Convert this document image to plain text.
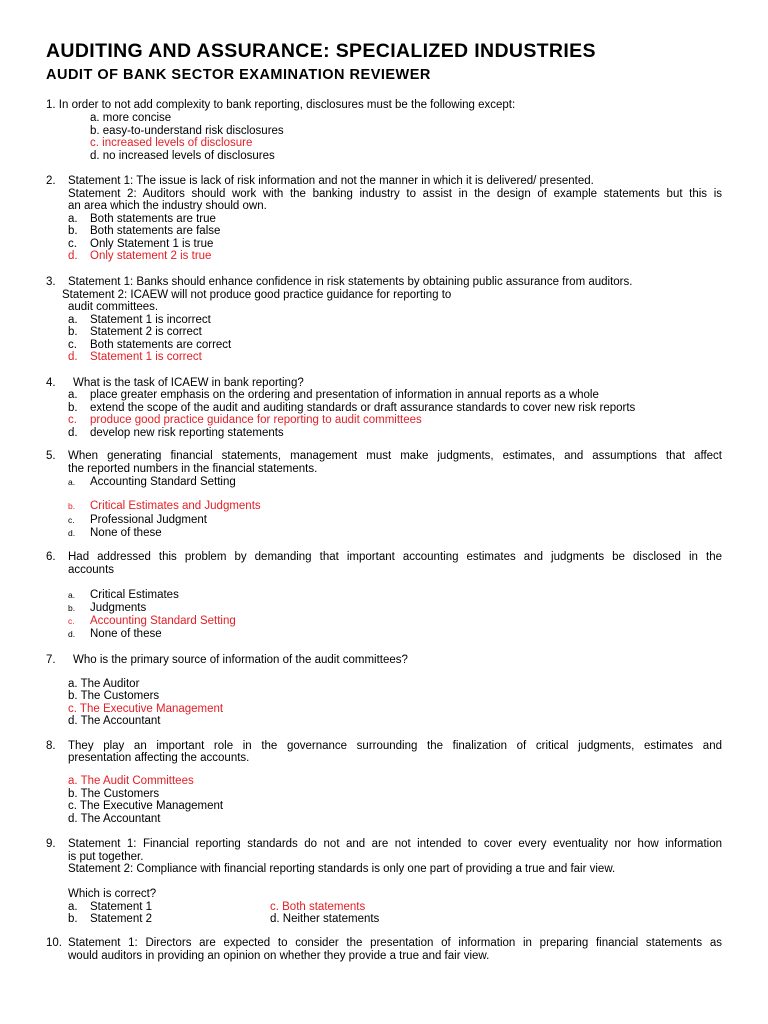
AUDITING AND ASSURANCE: SPECIALIZED INDUSTRIES
AUDIT OF BANK SECTOR EXAMINATION REVIEWER
1. In order to not add complexity to bank reporting, disclosures must be the following except:
a. more concise
b. easy-to-understand risk disclosures
c. increased levels of disclosure
d. no increased levels of disclosures
2. Statement 1: The issue is lack of risk information and not the manner in which it is delivered/ presented.
Statement 2: Auditors should work with the banking industry to assist in the design of example statements but this is
an area which the industry should own.
a. Both statements are true
b. Both statements are false
c. Only Statement 1 is true
d. Only statement 2 is true
3. Statement 1: Banks should enhance confidence in risk statements by obtaining public assurance from auditors.
Statement 2: ICAEW will not produce good practice guidance for reporting to
audit committees.
a. Statement 1 is incorrect
b. Statement 2 is correct
c. Both statements are correct
d. Statement 1 is correct
4. What is the task of ICAEW in bank reporting?
a. place greater emphasis on the ordering and presentation of information in annual reports as a whole
b. extend the scope of the audit and auditing standards or draft assurance standards to cover new risk reports
c. produce good practice guidance for reporting to audit committees
d. develop new risk reporting statements
5. When generating financial statements, management must make judgments, estimates, and assumptions that affect
the reported numbers in the financial statements.
a. Accounting Standard Setting
b. Critical Estimates and Judgments
c. Professional Judgment
d. None of these
6. Had addressed this problem by demanding that important accounting estimates and judgments be disclosed in the
accounts
a. Critical Estimates
b. Judgments
c. Accounting Standard Setting
d. None of these
7. Who is the primary source of information of the audit committees?
a. The Auditor
b. The Customers
c. The Executive Management
d. The Accountant
8. They play an important role in the governance surrounding the finalization of critical judgments, estimates and
presentation affecting the accounts.
a. The Audit Committees
b. The Customers
c. The Executive Management
d. The Accountant
9. Statement 1: Financial reporting standards do not and are not intended to cover every eventuality nor how information
is put together.
Statement 2: Compliance with financial reporting standards is only one part of providing a true and fair view.
Which is correct?
a. Statement 1	c. Both statements
b. Statement 2	d. Neither statements
10. Statement 1: Directors are expected to consider the presentation of information in preparing financial statements as
would auditors in providing an opinion on whether they provide a true and fair view.
